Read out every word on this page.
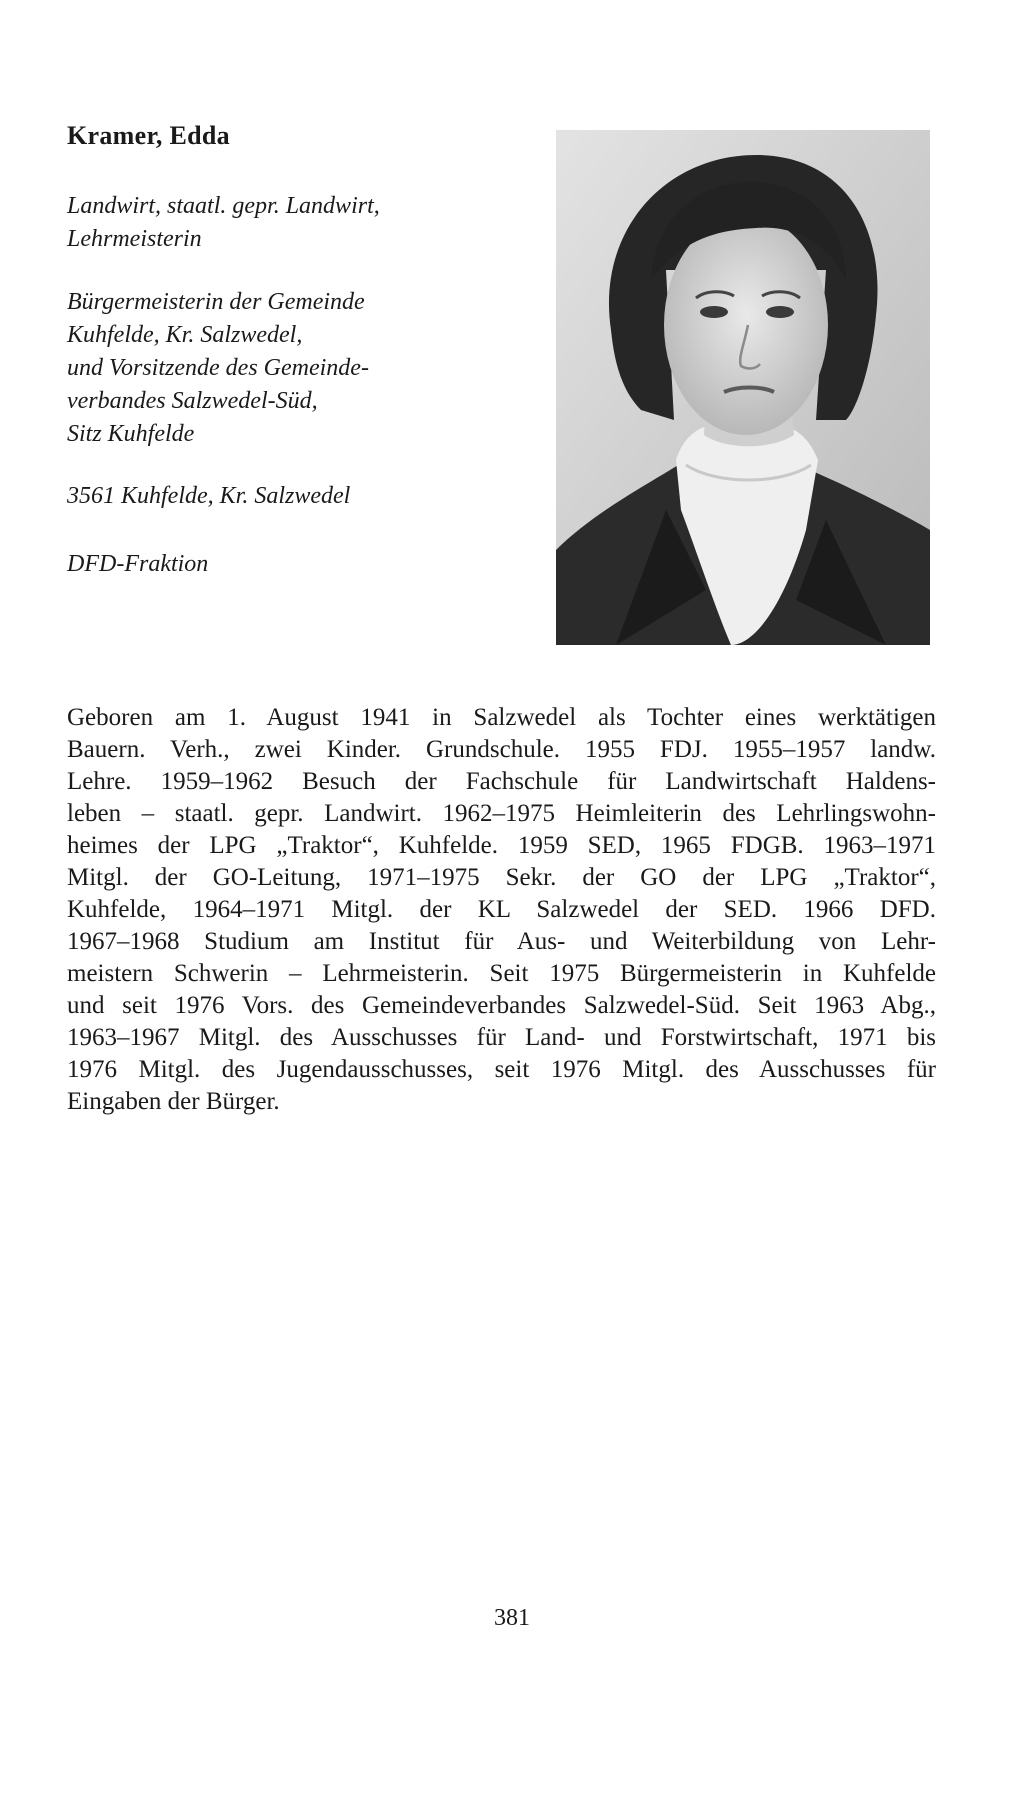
Kramer, Edda
Landwirt, staatl. gepr. Landwirt,
Lehrmeisterin
Bürgermeisterin der Gemeinde
Kuhfelde, Kr. Salzwedel,
und Vorsitzende des Gemeinde-
verbandes Salzwedel-Süd,
Sitz Kuhfelde
3561 Kuhfelde, Kr. Salzwedel
DFD-Fraktion
Geboren am 1. August 1941 in Salzwedel als Tochter eines werktätigen
Bauern. Verh., zwei Kinder. Grundschule. 1955 FDJ. 1955–1957 landw.
Lehre. 1959–1962 Besuch der Fachschule für Landwirtschaft Haldens-
leben – staatl. gepr. Landwirt. 1962–1975 Heimleiterin des Lehrlingswohn-
heimes der LPG „Traktor“, Kuhfelde. 1959 SED, 1965 FDGB. 1963–1971
Mitgl. der GO-Leitung, 1971–1975 Sekr. der GO der LPG „Traktor“,
Kuhfelde, 1964–1971 Mitgl. der KL Salzwedel der SED. 1966 DFD.
1967–1968 Studium am Institut für Aus- und Weiterbildung von Lehr-
meistern Schwerin – Lehrmeisterin. Seit 1975 Bürgermeisterin in Kuhfelde
und seit 1976 Vors. des Gemeindeverbandes Salzwedel-Süd. Seit 1963 Abg.,
1963–1967 Mitgl. des Ausschusses für Land- und Forstwirtschaft, 1971 bis
1976 Mitgl. des Jugendausschusses, seit 1976 Mitgl. des Ausschusses für
Eingaben der Bürger.
381
